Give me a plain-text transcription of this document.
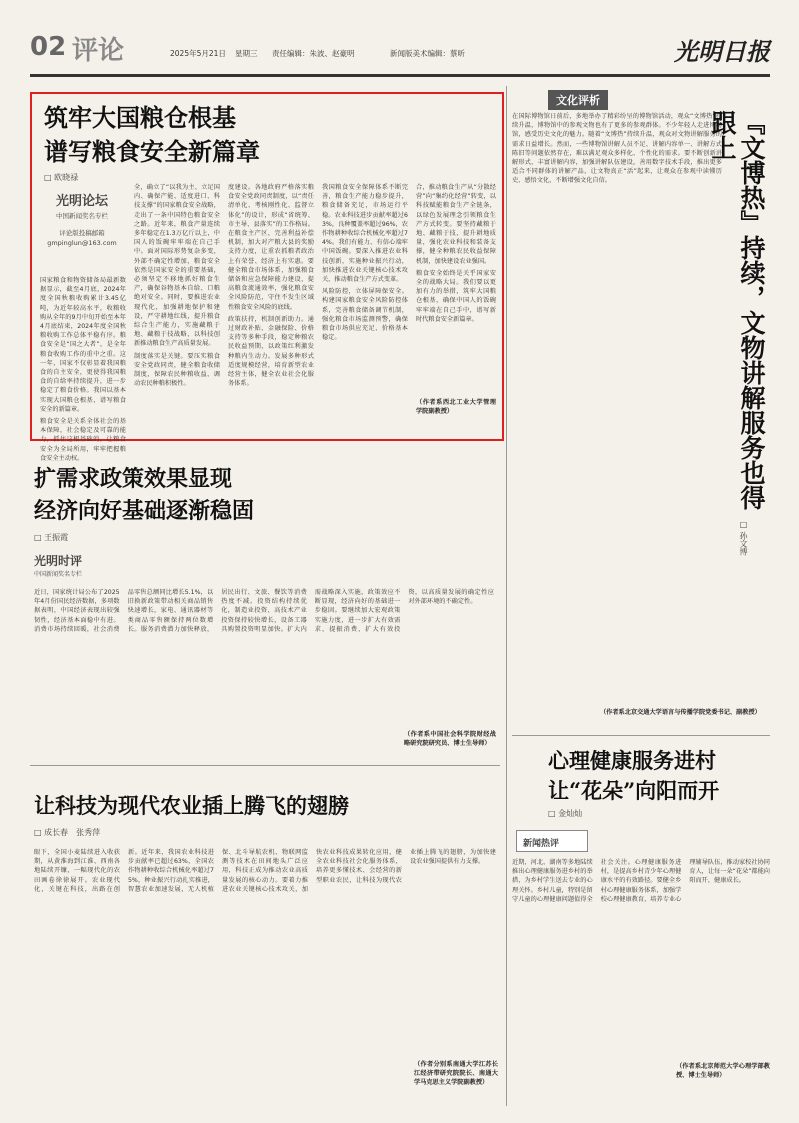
02 评论	2025年5月21日 星期三 责任编辑：朱波、赵豪明	新闻版美术编辑：蔡昕	光明日报
筑牢大国粮仓根基
谱写粮食安全新篇章
□ 欧晓禄
光明论坛
中国新闻奖名专栏
评论版投稿邮箱
gmpinglun@163.com

国家粮食和物资储备局最新数据显示，截至4月底，2024年度全国秋粮收购累计3.45亿吨，为近年较高水平，收粮收购从全年的9月中旬开始至本年4月底结束，2024年度全国秋粮收购工作总体平稳有序。粮食安全是“国之大者”，是全年粮食收购工作的重中之重。这一年，国家不仅彰显着我国粮食的自主安全，更使得我国粮食的自给率持续提升，进一步稳定了粮食价格。我国以基本实现大国粮仓根基，谱写粮食安全的新篇章。

粮食安全是关系全体社会的基本保障，社会稳定及可靠的能力，抓住这根基础的，让粮食安全为全局所用，牢牢把握粮食安全主动权。

全，确立了“以我为主、立足国内、确保产能、适度进口、科技支撑”的国家粮食安全战略，走出了一条中国特色粮食安全之路。近年来，粮食产量连续多年稳定在1.3万亿斤以上，中国人的饭碗牢牢端在自己手中。面对国际形势复杂多变，外部不确定性增加，粮食安全依然是国家安全的重要基础，必须坚定不移地抓好粮食生产，确保谷物基本自给、口粮绝对安全。同时，要推进农业现代化，加强耕地保护和建设，严守耕地红线，提升粮食综合生产能力，实施藏粮于地、藏粮于技战略，以科技创新推动粮食生产高质量发展。

制度落实是关键。要压实粮食安全党政同责，健全粮食收储制度，保障农民种粮收益，调动农民种粮积极性。

度建设。各地政府严格落实粮食安全党政同责制度，以“责任清单化、考核刚性化、监督立体化”的设计，形成“省统筹、市主导、县落实”的工作格局。在粮食主产区，完善利益补偿机制，加大对产粮大县的奖励支持力度，让重农抓粮者政治上有荣誉、经济上有实惠。要健全粮食市场体系，加强粮食储备和应急保障能力建设，提高粮食流通效率，强化粮食安全风险防范，守住不发生区域性粮食安全风险的底线。

政策扶持，机制创新助力。通过财政补贴、金融保险、价格支持等多种手段，稳定种粮农民收益预期，以政策红利激发种粮内生动力。发展多种形式适度规模经营，培育新型农业经营主体，健全农业社会化服务体系。

我国粮食安全保障体系不断完善，粮食生产能力稳步提升，粮食储备充足，市场运行平稳。农业科技进步贡献率超过63%，良种覆盖率超过96%，农作物耕种收综合机械化率超过74%。我们有能力、有信心端牢中国饭碗。要深入推进农业科技创新，实施种业振兴行动，加快推进农业关键核心技术攻关，推动粮食生产方式变革。

风险防控，立体屏障保安全。构建国家粮食安全风险防控体系，完善粮食储备调节机制，强化粮食市场监测预警，确保粮食市场供应充足、价格基本稳定。

合，推动粮食生产从“分散经营”向“集约化经营”转变，以科技赋能粮食生产全链条，以绿色发展理念引领粮食生产方式转变。要坚持藏粮于地、藏粮于技，提升耕地质量，强化农业科技和装备支撑，健全种粮农民收益保障机制，加快建设农业强国。

粮食安全始终是关乎国家安全的战略大局。我们要以更加有力的举措，筑牢大国粮仓根基，确保中国人的饭碗牢牢端在自己手中，谱写新时代粮食安全新篇章。

（作者系西北工业大学管理学院副教授）
扩需求政策效果显现
经济向好基础逐渐稳固
□ 王振霞
光明时评
中国新闻奖名专栏
近日，国家统计局公布了2025年4月份国民经济数据，多项数据表明，中国经济表现出较强韧性，经济基本面稳中有进。消费市场持续回暖，社会消费品零售总额同比增长5.1%，以旧换新政策带动相关商品销售快速增长，家电、通讯器材等类商品零售额保持两位数增长。服务消费潜力加快释放，居民出行、文旅、餐饮等消费热度不减。投资结构持续优化，制造业投资、高技术产业投资保持较快增长，设备工器具购置投资明显加快。扩大内需战略深入实施，政策效应不断显现，经济向好的基础进一步稳固。要继续加大宏观政策实施力度，进一步扩大有效需求，提振消费，扩大有效投资，以高质量发展的确定性应对外部环境的不确定性。
（作者系中国社会科学院财经战略研究院研究员、博士生导师）
让科技为现代农业插上腾飞的翅膀
□ 成长春　张秀萍
眼下，全国小麦陆续进入收获期，从黄淮海到江淮、西南各地陆续开镰，一幅现代化的农田画卷徐徐展开。农业现代化，关键在科技，出路在创新。近年来，我国农业科技进步贡献率已超过63%，全国农作物耕种收综合机械化率超过75%，种业振兴行动扎实推进，智慧农业加速发展，无人机植保、北斗导航农机、物联网监测等技术在田间地头广泛应用，科技正成为推动农业高质量发展的核心动力。要着力推进农业关键核心技术攻关，加快农业科技成果转化应用，健全农业科技社会化服务体系，培养更多懂技术、会经营的新型职业农民，让科技为现代农业插上腾飞的翅膀，为加快建设农业强国提供有力支撑。
（作者分别系南通大学江苏长江经济带研究院院长、南通大学马克思主义学院副教授）
文化评析
在国际博物馆日前后，多地举办了精彩纷呈的博物馆活动，观众“文博热”持续升温，博物馆中的参观文物也有了更多的参观群体。不少年轻人走进博物馆，感受历史文化的魅力。随着“文博热”持续升温，观众对文物讲解服务的需求日益增长。然而，一些博物馆讲解人员不足、讲解内容单一、讲解方式陈旧等问题依然存在，难以满足观众多样化、个性化的需求。要不断创新讲解形式，丰富讲解内容，加强讲解队伍建设，善用数字技术手段，推出更多适合不同群体的讲解产品，让文物真正“活”起来，让观众在参观中读懂历史、感悟文化，不断增强文化自信。	『文博热』持续，文物讲解服务也得跟上
□ 孙文博
（作者系北京交通大学语言与传播学院党委书记、副教授）
心理健康服务进村
让“花朵”向阳而开
□ 金灿灿
新闻热评
近期，河北、湖南等多地陆续推出心理健康服务进乡村的举措，为乡村学生送去专业的心理关怀。乡村儿童，特别是留守儿童的心理健康问题值得全社会关注。心理健康服务进村，是提高乡村青少年心理健康水平的有效路径。要健全乡村心理健康服务体系，加强学校心理健康教育，培养专业心理辅导队伍，推动家校社协同育人，让每一朵“花朵”都能向阳而开，健康成长。
（作者系北京师范大学心理学部教授、博士生导师）
